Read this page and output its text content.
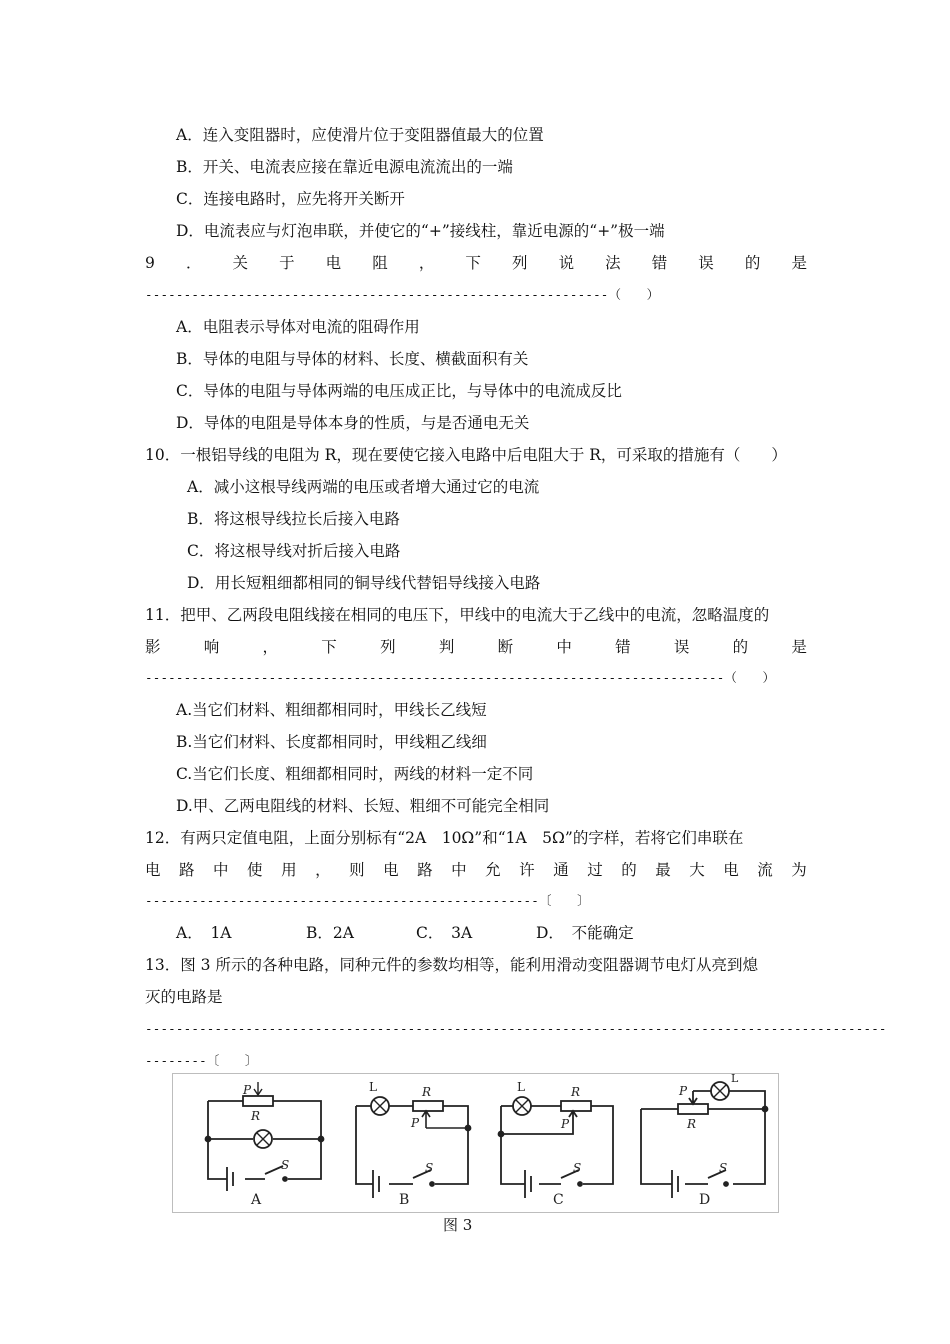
A．连入变阻器时，应使滑片位于变阻器值最大的位置
B．开关、电流表应接在靠近电源电流流出的一端
C．连接电路时，应先将开关断开
D．电流表应与灯泡串联，并使它的“+”接线柱，靠近电源的“+”极一端
9 ． 关 于 电 阻 ， 下 列 说 法 错 误 的 是
------------------------------------------------------------（　　）
A．电阻表示导体对电流的阻碍作用
B．导体的电阻与导体的材料、长度、横截面积有关
C．导体的电阻与导体两端的电压成正比，与导体中的电流成反比
D．导体的电阻是导体本身的性质，与是否通电无关
10．一根铝导线的电阻为 R，现在要使它接入电路中后电阻大于 R，可采取的措施有（　　）
A．减小这根导线两端的电压或者增大通过它的电流
B．将这根导线拉长后接入电路
C．将这根导线对折后接入电路
D．用长短粗细都相同的铜导线代替铝导线接入电路
11．把甲、乙两段电阻线接在相同的电压下，甲线中的电流大于乙线中的电流，忽略温度的
影	响	，	下	列	判	断	中	错	误	的	是
---------------------------------------------------------------------------（　　）
A.当它们材料、粗细都相同时，甲线长乙线短
B.当它们材料、长度都相同时，甲线粗乙线细
C.当它们长度、粗细都相同时，两线的材料一定不同
D.甲、乙两电阻线的材料、长短、粗细不可能完全相同
12．有两只定值电阻，上面分别标有“2A　10Ω”和“1A　5Ω”的字样，若将它们串联在
电 路 中 使 用 ， 则 电 路 中 允 许 通 过 的 最 大 电 流 为
---------------------------------------------------〔　　〕
A．　1A	B．2A	C．　3A	D．　不能确定
13．图 3 所示的各种电路，同种元件的参数均相等，能利用滑动变阻器调节电灯从亮到熄
灭的电路是
------------------------------------------------------------------------------------------------
--------〔　　〕
P
R
S
A
L	R
P
S
B
L	R
P
S
C
P
R
L
S
D
图 3
